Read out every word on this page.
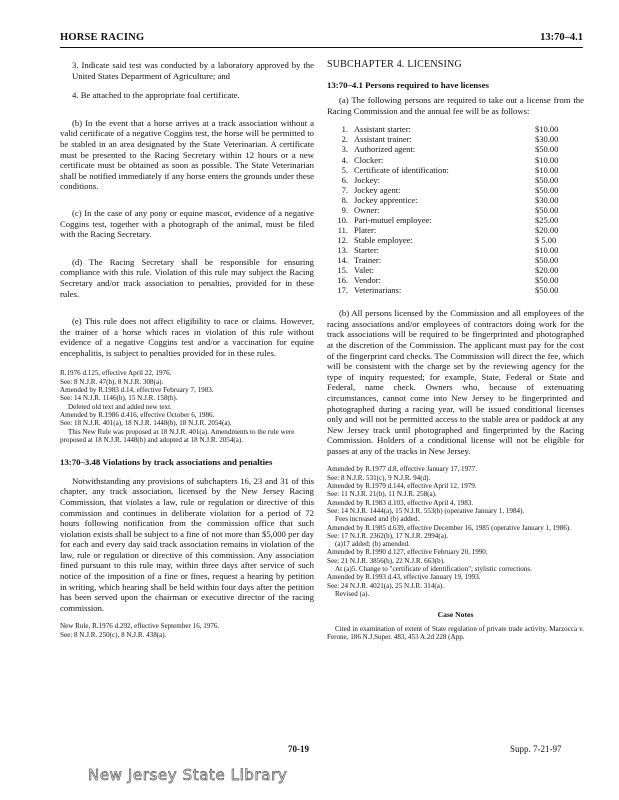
HORSE RACING	13:70–4.1

3. Indicate said test was conducted by a laboratory approved by the United States Department of Agriculture; and

4. Be attached to the appropriate foal certificate.

(b) In the event that a horse arrives at a track association without a valid certificate of a negative Coggins test, the horse will be permitted to be stabled in an area designated by the State Veterinarian. A certificate must be presented to the Racing Secretary within 12 hours or a new certificate must be obtained as soon as possible. The State Veterinarian shall be notified immediately if any horse enters the grounds under these conditions.

(c) In the case of any pony or equine mascot, evidence of a negative Coggins test, together with a photograph of the animal, must be filed with the Racing Secretary.

(d) The Racing Secretary shall be responsible for ensuring compliance with this rule. Violation of this rule may subject the Racing Secretary and/or track association to penalties, provided for in these rules.

(e) This rule does not affect eligibility to race or claims. However, the trainer of a horse which races in violation of this rule without evidence of a negative Coggins test and/or a vaccination for equine encephalitis, is subject to penalties provided for in these rules.

R.1976 d.125, effective April 22, 1976.
See: 8 N.J.R. 47(b), 8 N.J.R. 308(a).
Amended by R.1983 d.14, effective February 7, 1983.
See: 14 N.J.R. 1146(b), 15 N.J.R. 158(b).
Deleted old text and added new text.
Amended by R.1986 d.416, effective October 6, 1986.
See: 18 N.J.R. 401(a), 18 N.J.R. 1448(b), 18 N.J.R. 2054(a).
This New Rule was proposed at 18 N.J.R. 401(a). Amendments to the rule were proposed at 18 N.J.R. 1448(b) and adopted at 18 N.J.R. 2054(a).

13:70–3.48 Violations by track associations and penalties

Notwithstanding any provisions of subchapters 16, 23 and 31 of this chapter, any track association, licensed by the New Jersey Racing Commission, that violates a law, rule or regulation or directive of this commission and continues in deliberate violation for a period of 72 hours following notification from the commission office that such violation exists shall be subject to a fine of not more than $5,000 per day for each and every day said track association remains in violation of the law, rule or regulation or directive of this commission. Any association fined pursuant to this rule may, within three days after service of such notice of the imposition of a fine or fines, request a hearing by petition in writing, which hearing shall be held within four days after the petition has been served upon the chairman or executive director of the racing commission.

New Rule, R.1976 d.292, effective September 16, 1976.
See: 8 N.J.R. 250(c), 8 N.J.R. 438(a).

SUBCHAPTER 4. LICENSING

13:70–4.1 Persons required to have licenses

(a) The following persons are required to take out a license from the Racing Commission and the annual fee will be as follows:

1.	Assistant starter:	$10.00
2.	Assistant trainer:	$30.00
3.	Authorized agent:	$50.00
4.	Clocker:	$10.00
5.	Certificate of identification:	$10.00
6.	Jockey:	$50.00
7.	Jockey agent:	$50.00
8.	Jockey apprentice:	$30.00
9.	Owner:	$50.00
10.	Pari-mutuel employee:	$25.00
11.	Plater:	$20.00
12.	Stable employee:	$ 5.00
13.	Starter:	$10.00
14.	Trainer:	$50.00
15.	Valet:	$20.00
16.	Vendor:	$50.00
17.	Veterinarians:	$50.00

(b) All persons licensed by the Commission and all employees of the racing associations and/or employees of contractors doing work for the track associations will be required to be fingerprinted and photographed at the discretion of the Commission. The applicant must pay for the cost of the fingerprint card checks. The Commission will direct the fee, which will be consistent with the charge set by the reviewing agency for the type of inquiry requested; for example, State, Federal or State and Federal, name check. Owners who, because of extenuating circumstances, cannot come into New Jersey to be fingerprinted and photographed during a racing year, will be issued conditional licenses only and will not be permitted access to the stable area or paddock at any New Jersey track until photographed and fingerprinted by the Racing Commission. Holders of a conditional license will not be eligible for passes at any of the tracks in New Jersey.

Amended by R.1977 d.8, effective January 17, 1977.
See: 8 N.J.R. 531(c), 9 N.J.R. 94(d).
Amended by R.1979 d.144, effective April 12, 1979.
See: 11 N.J.R. 21(b), 11 N.J.R. 258(a).
Amended by R.1983 d.103, effective April 4, 1983.
See: 14 N.J.R. 1444(a), 15 N.J.R. 553(b) (operative January 1, 1984).
Fees increased and (b) added.
Amended by R.1985 d.639, effective December 16, 1985 (operative January 1, 1986).
See: 17 N.J.R. 2362(b), 17 N.J.R. 2994(a).
(a)17 added; (b) amended.
Amended by R.1990 d.127, effective February 20, 1990.
See: 21 N.J.R. 3856(b), 22 N.J.R. 663(b).
At (a)5. Change to "certificate of identification"; stylistic corrections.
Amended by R.1993 d.43, effective January 19, 1993.
See: 24 N.J.R. 4021(a), 25 N.J.R. 314(a).
Revised (a).

Case Notes

Cited in examination of extent of State regulation of private trade activity. Marzocca v. Ferone, 186 N.J.Super. 483, 453 A.2d 228 (App.

70-19	Supp. 7-21-97
New Jersey State Library
